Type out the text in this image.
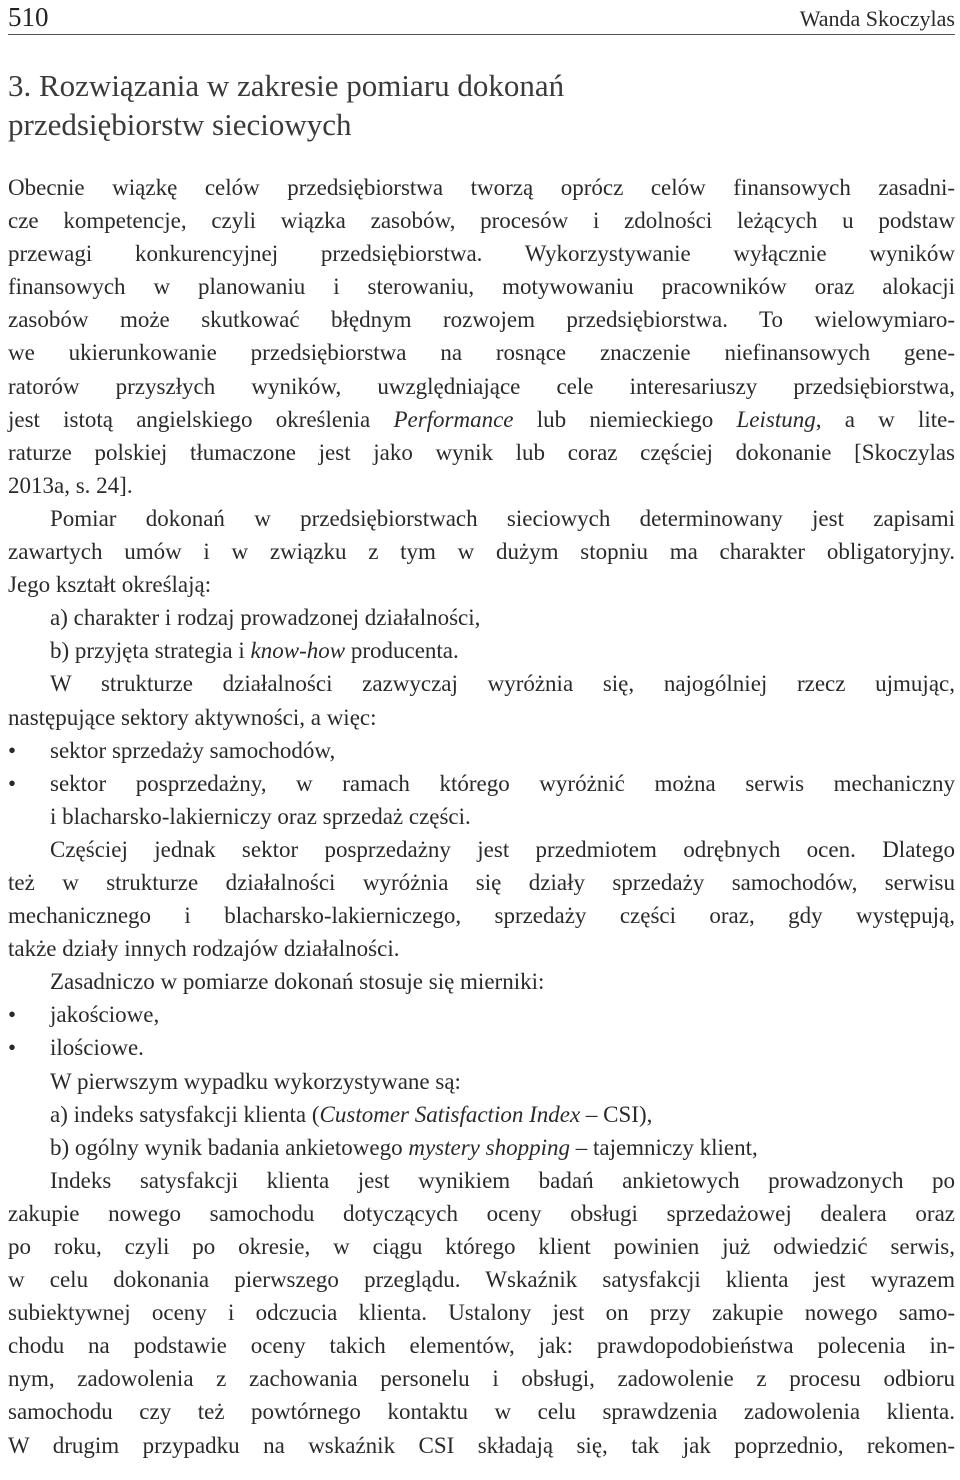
510	Wanda Skoczylas
3. Rozwiązania w zakresie pomiaru dokonań
przedsiębiorstw sieciowych
Obecnie wiązkę celów przedsiębiorstwa tworzą oprócz celów finansowych zasadni-
cze kompetencje, czyli wiązka zasobów, procesów i zdolności leżących u podstaw
przewagi konkurencyjnej przedsiębiorstwa. Wykorzystywanie wyłącznie wyników
finansowych w planowaniu i sterowaniu, motywowaniu pracowników oraz alokacji
zasobów może skutkować błędnym rozwojem przedsiębiorstwa. To wielowymiaro-
we ukierunkowanie przedsiębiorstwa na rosnące znaczenie niefinansowych gene-
ratorów przyszłych wyników, uwzględniające cele interesariuszy przedsiębiorstwa,
jest istotą angielskiego określenia Performance lub niemieckiego Leistung, a w lite-
raturze polskiej tłumaczone jest jako wynik lub coraz częściej dokonanie [Skoczylas
2013a, s. 24].
Pomiar dokonań w przedsiębiorstwach sieciowych determinowany jest zapisami
zawartych umów i w związku z tym w dużym stopniu ma charakter obligatoryjny.
Jego kształt określają:
a) charakter i rodzaj prowadzonej działalności,
b) przyjęta strategia i know-how producenta.
W strukturze działalności zazwyczaj wyróżnia się, najogólniej rzecz ujmując,
następujące sektory aktywności, a więc:
• sektor sprzedaży samochodów,
• sektor posprzedażny, w ramach którego wyróżnić można serwis mechaniczny
i blacharsko-lakierniczy oraz sprzedaż części.
Częściej jednak sektor posprzedażny jest przedmiotem odrębnych ocen. Dlatego
też w strukturze działalności wyróżnia się działy sprzedaży samochodów, serwisu
mechanicznego i blacharsko-lakierniczego, sprzedaży części oraz, gdy występują,
także działy innych rodzajów działalności.
Zasadniczo w pomiarze dokonań stosuje się mierniki:
• jakościowe,
• ilościowe.
W pierwszym wypadku wykorzystywane są:
a) indeks satysfakcji klienta (Customer Satisfaction Index – CSI),
b) ogólny wynik badania ankietowego mystery shopping – tajemniczy klient,
Indeks satysfakcji klienta jest wynikiem badań ankietowych prowadzonych po
zakupie nowego samochodu dotyczących oceny obsługi sprzedażowej dealera oraz
po roku, czyli po okresie, w ciągu którego klient powinien już odwiedzić serwis,
w celu dokonania pierwszego przeglądu. Wskaźnik satysfakcji klienta jest wyrazem
subiektywnej oceny i odczucia klienta. Ustalony jest on przy zakupie nowego samo-
chodu na podstawie oceny takich elementów, jak: prawdopodobieństwa polecenia in-
nym, zadowolenia z zachowania personelu i obsługi, zadowolenie z procesu odbioru
samochodu czy też powtórnego kontaktu w celu sprawdzenia zadowolenia klienta.
W drugim przypadku na wskaźnik CSI składają się, tak jak poprzednio, rekomen-
